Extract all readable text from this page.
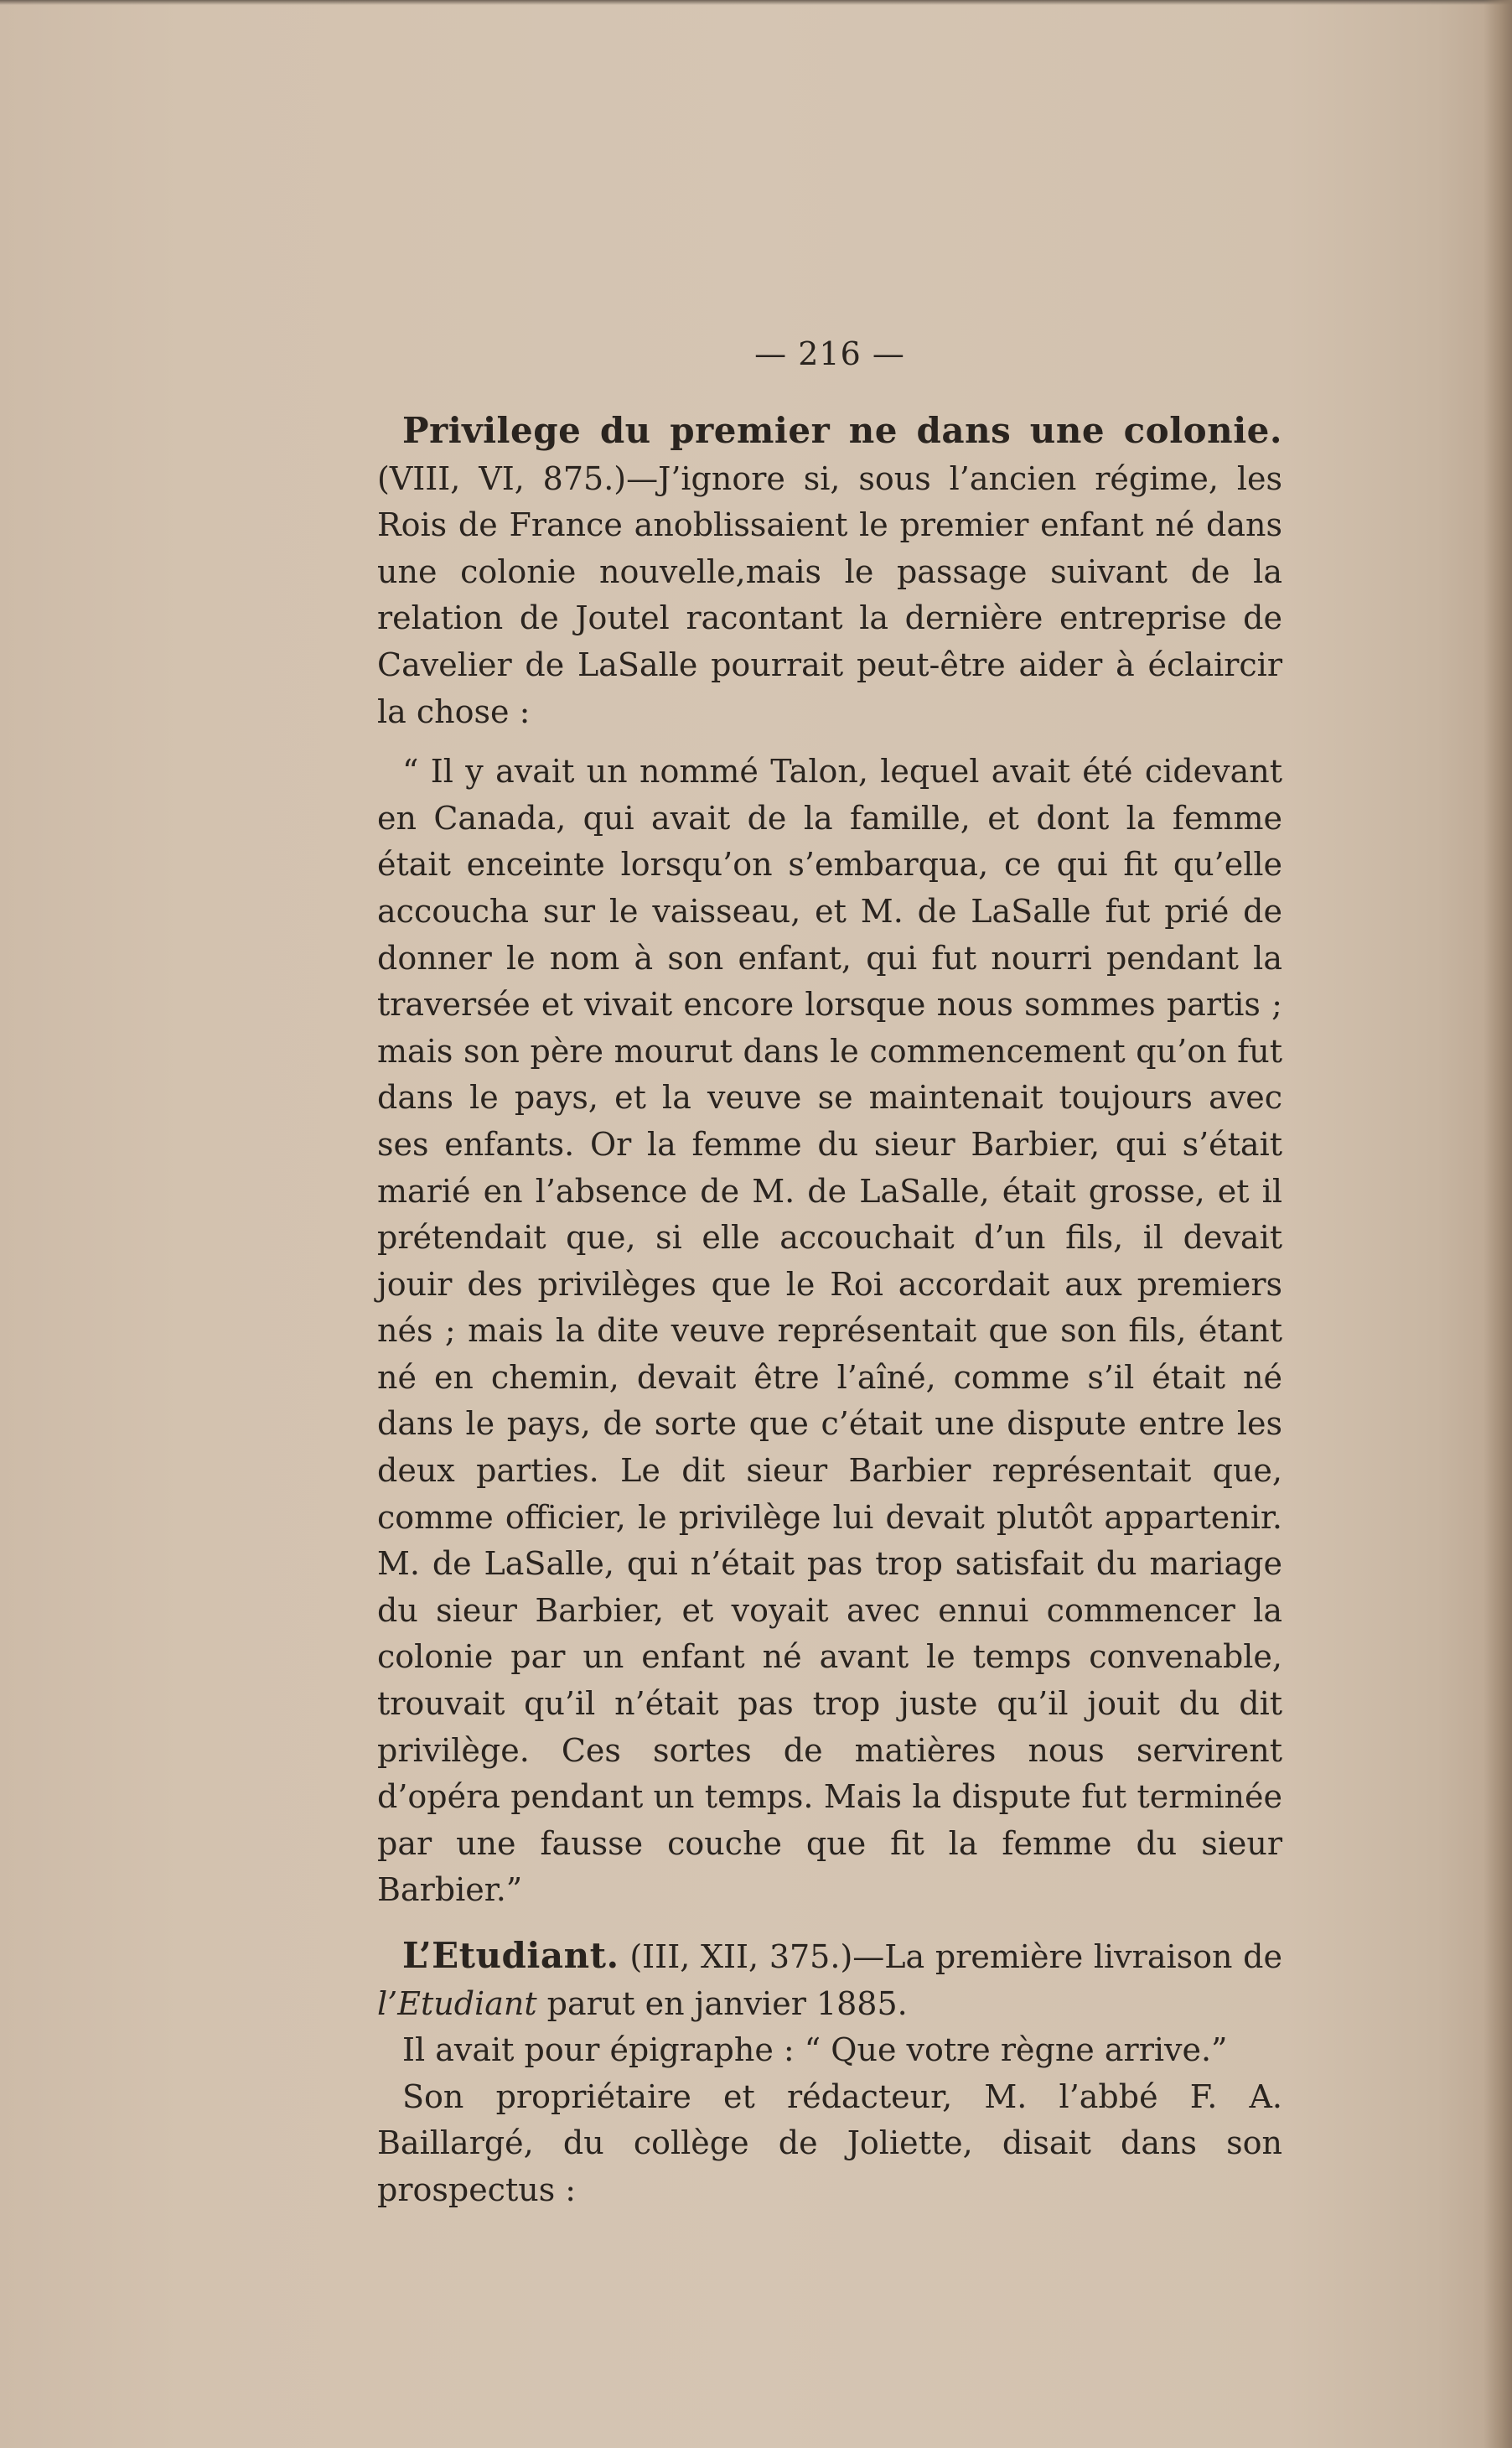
— 216 —

Privilege du premier ne dans une colonie. (VIII, VI, 875.)—J’ignore si, sous l’ancien régime, les Rois de France anoblissaient le premier enfant né dans une colonie nouvelle,mais le passage suivant de la relation de Joutel racontant la dernière entreprise de Cavelier de LaSalle pourrait peut-être aider à éclaircir la chose :

“ Il y avait un nommé Talon, lequel avait été cidevant en Canada, qui avait de la famille, et dont la femme était enceinte lorsqu’on s’embarqua, ce qui fit qu’elle accoucha sur le vaisseau, et M. de LaSalle fut prié de donner le nom à son enfant, qui fut nourri pendant la traversée et vivait encore lorsque nous sommes partis ; mais son père mourut dans le commencement qu’on fut dans le pays, et la veuve se maintenait toujours avec ses enfants. Or la femme du sieur Barbier, qui s’était marié en l’absence de M. de LaSalle, était grosse, et il prétendait que, si elle accouchait d’un fils, il devait jouir des privilèges que le Roi accordait aux premiers nés ; mais la dite veuve représentait que son fils, étant né en chemin, devait être l’aîné, comme s’il était né dans le pays, de sorte que c’était une dispute entre les deux parties. Le dit sieur Barbier représentait que, comme officier, le privilège lui devait plutôt appartenir. M. de LaSalle, qui n’était pas trop satisfait du mariage du sieur Barbier, et voyait avec ennui commencer la colonie par un enfant né avant le temps convenable, trouvait qu’il n’était pas trop juste qu’il jouit du dit privilège. Ces sortes de matières nous servirent d’opéra pendant un temps. Mais la dispute fut terminée par une fausse couche que fit la femme du sieur Barbier.”

L’Etudiant. (III, XII, 375.)—La première livraison de l’Etudiant parut en janvier 1885.

Il avait pour épigraphe : “ Que votre règne arrive.”

Son propriétaire et rédacteur, M. l’abbé F. A. Baillargé, du collège de Joliette, disait dans son prospectus :
